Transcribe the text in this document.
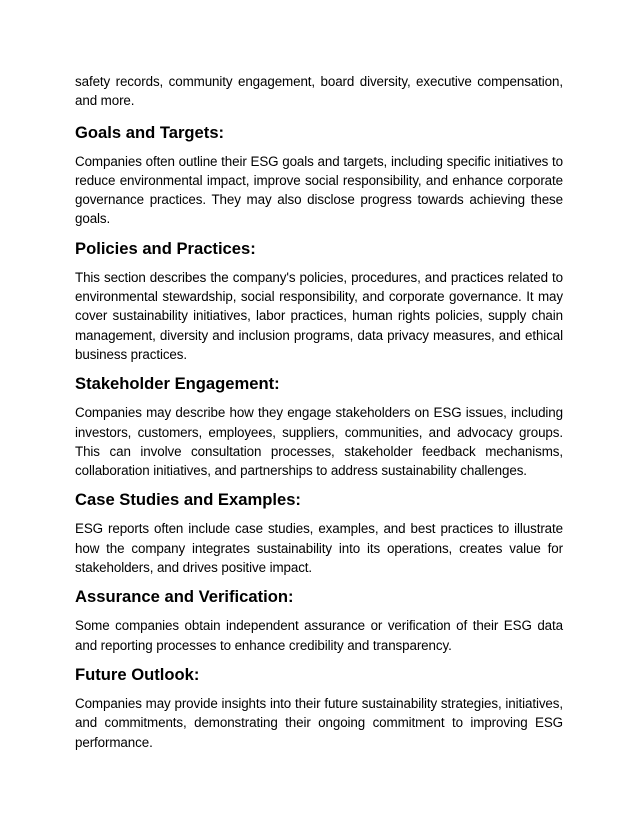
safety records, community engagement, board diversity, executive compensation, and more.

Goals and Targets:

Companies often outline their ESG goals and targets, including specific initiatives to reduce environmental impact, improve social responsibility, and enhance corporate governance practices. They may also disclose progress towards achieving these goals.

Policies and Practices:

This section describes the company's policies, procedures, and practices related to environmental stewardship, social responsibility, and corporate governance. It may cover sustainability initiatives, labor practices, human rights policies, supply chain management, diversity and inclusion programs, data privacy measures, and ethical business practices.

Stakeholder Engagement:

Companies may describe how they engage stakeholders on ESG issues, including investors, customers, employees, suppliers, communities, and advocacy groups. This can involve consultation processes, stakeholder feedback mechanisms, collaboration initiatives, and partnerships to address sustainability challenges.

Case Studies and Examples:

ESG reports often include case studies, examples, and best practices to illustrate how the company integrates sustainability into its operations, creates value for stakeholders, and drives positive impact.

Assurance and Verification:

Some companies obtain independent assurance or verification of their ESG data and reporting processes to enhance credibility and transparency.

Future Outlook:

Companies may provide insights into their future sustainability strategies, initiatives, and commitments, demonstrating their ongoing commitment to improving ESG performance.
